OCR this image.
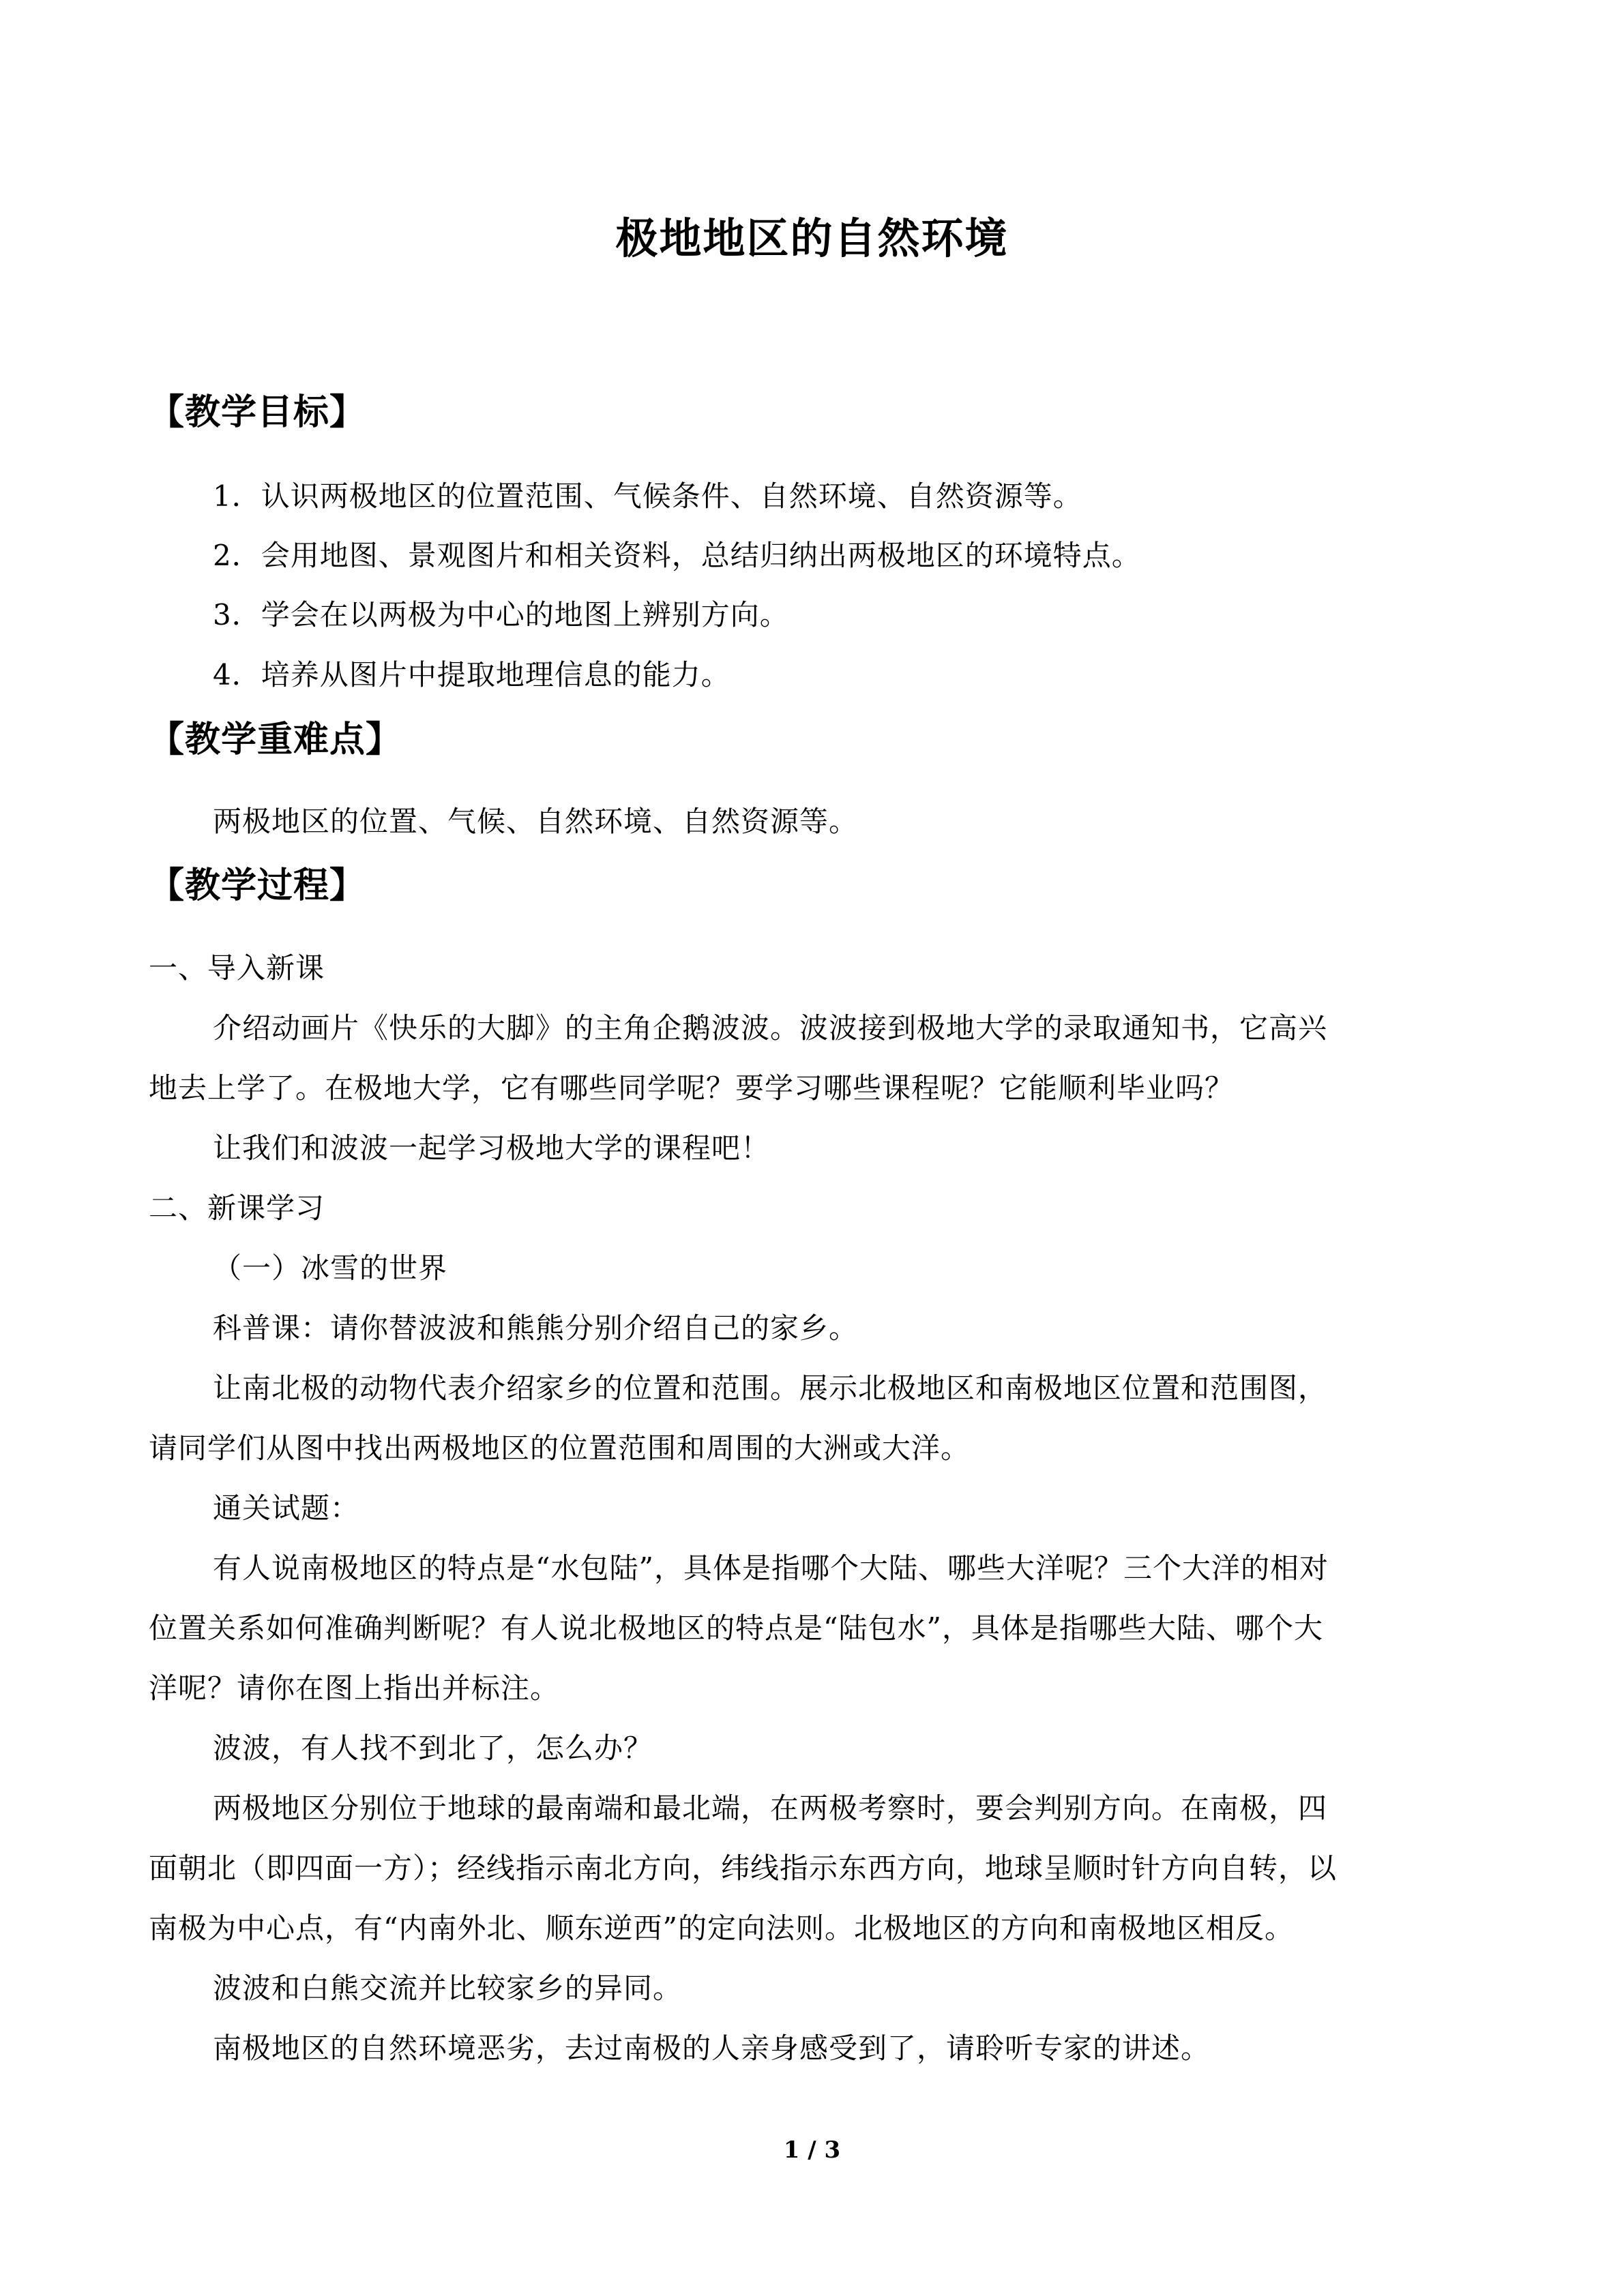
极地地区的自然环境
【教学目标】
1．认识两极地区的位置范围、气候条件、自然环境、自然资源等。
2．会用地图、景观图片和相关资料，总结归纳出两极地区的环境特点。
3．学会在以两极为中心的地图上辨别方向。
4．培养从图片中提取地理信息的能力。
【教学重难点】
两极地区的位置、气候、自然环境、自然资源等。
【教学过程】
一、导入新课
介绍动画片《快乐的大脚》的主角企鹅波波。波波接到极地大学的录取通知书，它高兴
地去上学了。在极地大学，它有哪些同学呢？要学习哪些课程呢？它能顺利毕业吗？
让我们和波波一起学习极地大学的课程吧！
二、新课学习
（一）冰雪的世界
科普课：请你替波波和熊熊分别介绍自己的家乡。
让南北极的动物代表介绍家乡的位置和范围。展示北极地区和南极地区位置和范围图，
请同学们从图中找出两极地区的位置范围和周围的大洲或大洋。
通关试题：
有人说南极地区的特点是“水包陆”，具体是指哪个大陆、哪些大洋呢？三个大洋的相对
位置关系如何准确判断呢？有人说北极地区的特点是“陆包水”，具体是指哪些大陆、哪个大
洋呢？请你在图上指出并标注。
波波，有人找不到北了，怎么办？
两极地区分别位于地球的最南端和最北端，在两极考察时，要会判别方向。在南极，四
面朝北（即四面一方）；经线指示南北方向，纬线指示东西方向，地球呈顺时针方向自转，以
南极为中心点，有“内南外北、顺东逆西”的定向法则。北极地区的方向和南极地区相反。
波波和白熊交流并比较家乡的异同。
南极地区的自然环境恶劣，去过南极的人亲身感受到了，请聆听专家的讲述。
1 / 3
